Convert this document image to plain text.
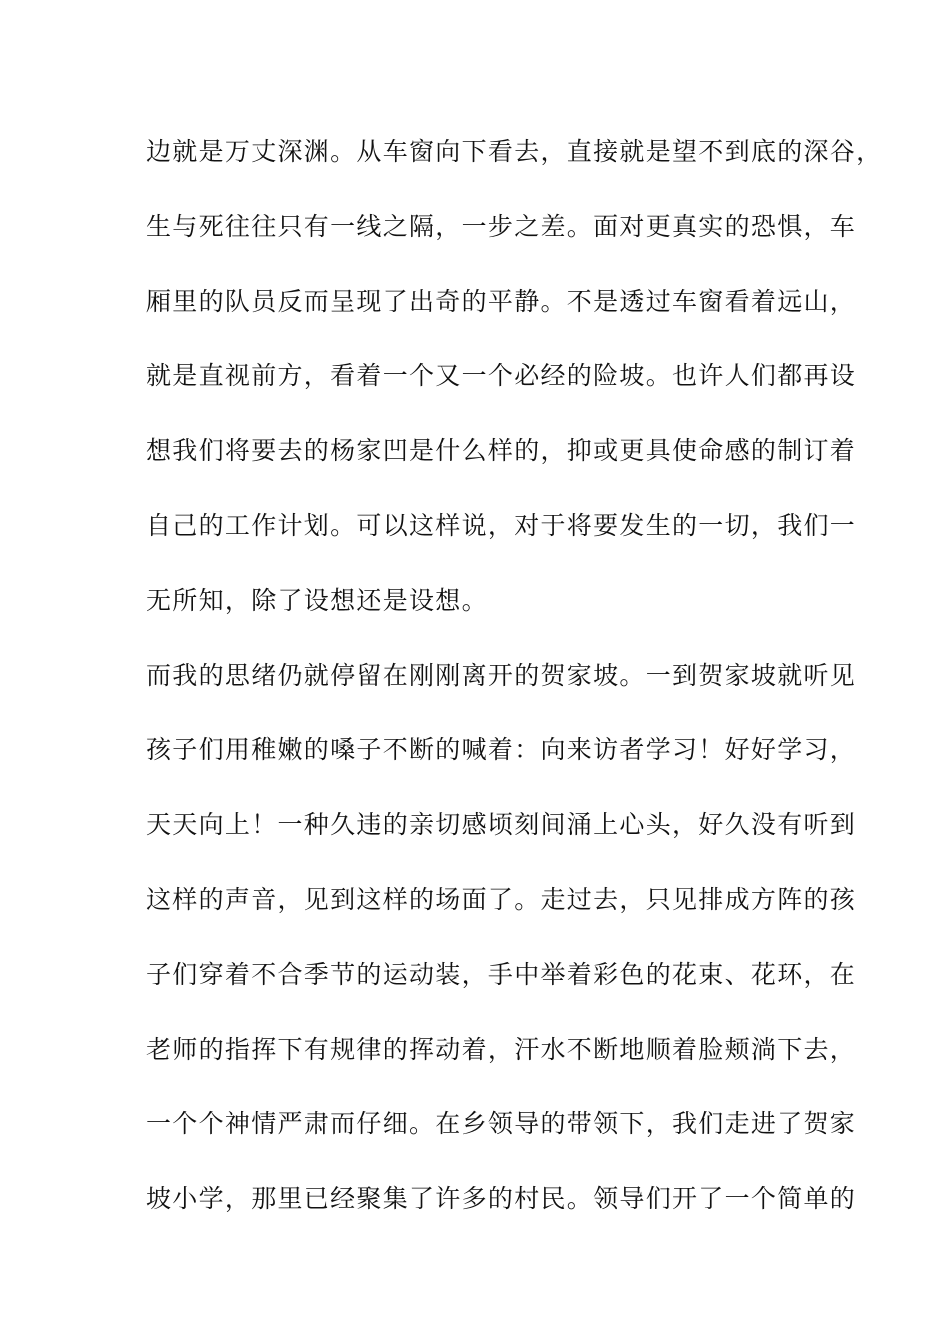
边就是万丈深渊。从车窗向下看去，直接就是望不到底的深谷，
生与死往往只有一线之隔，一步之差。面对更真实的恐惧，车
厢里的队员反而呈现了出奇的平静。不是透过车窗看着远山，
就是直视前方，看着一个又一个必经的险坡。也许人们都再设
想我们将要去的杨家凹是什么样的，抑或更具使命感的制订着
自己的工作计划。可以这样说，对于将要发生的一切，我们一
无所知，除了设想还是设想。
而我的思绪仍就停留在刚刚离开的贺家坡。一到贺家坡就听见
孩子们用稚嫩的嗓子不断的喊着：向来访者学习！好好学习，
天天向上！一种久违的亲切感顷刻间涌上心头，好久没有听到
这样的声音，见到这样的场面了。走过去，只见排成方阵的孩
子们穿着不合季节的运动装，手中举着彩色的花束、花环，在
老师的指挥下有规律的挥动着，汗水不断地顺着脸颊淌下去，
一个个神情严肃而仔细。在乡领导的带领下，我们走进了贺家
坡小学，那里已经聚集了许多的村民。领导们开了一个简单的
